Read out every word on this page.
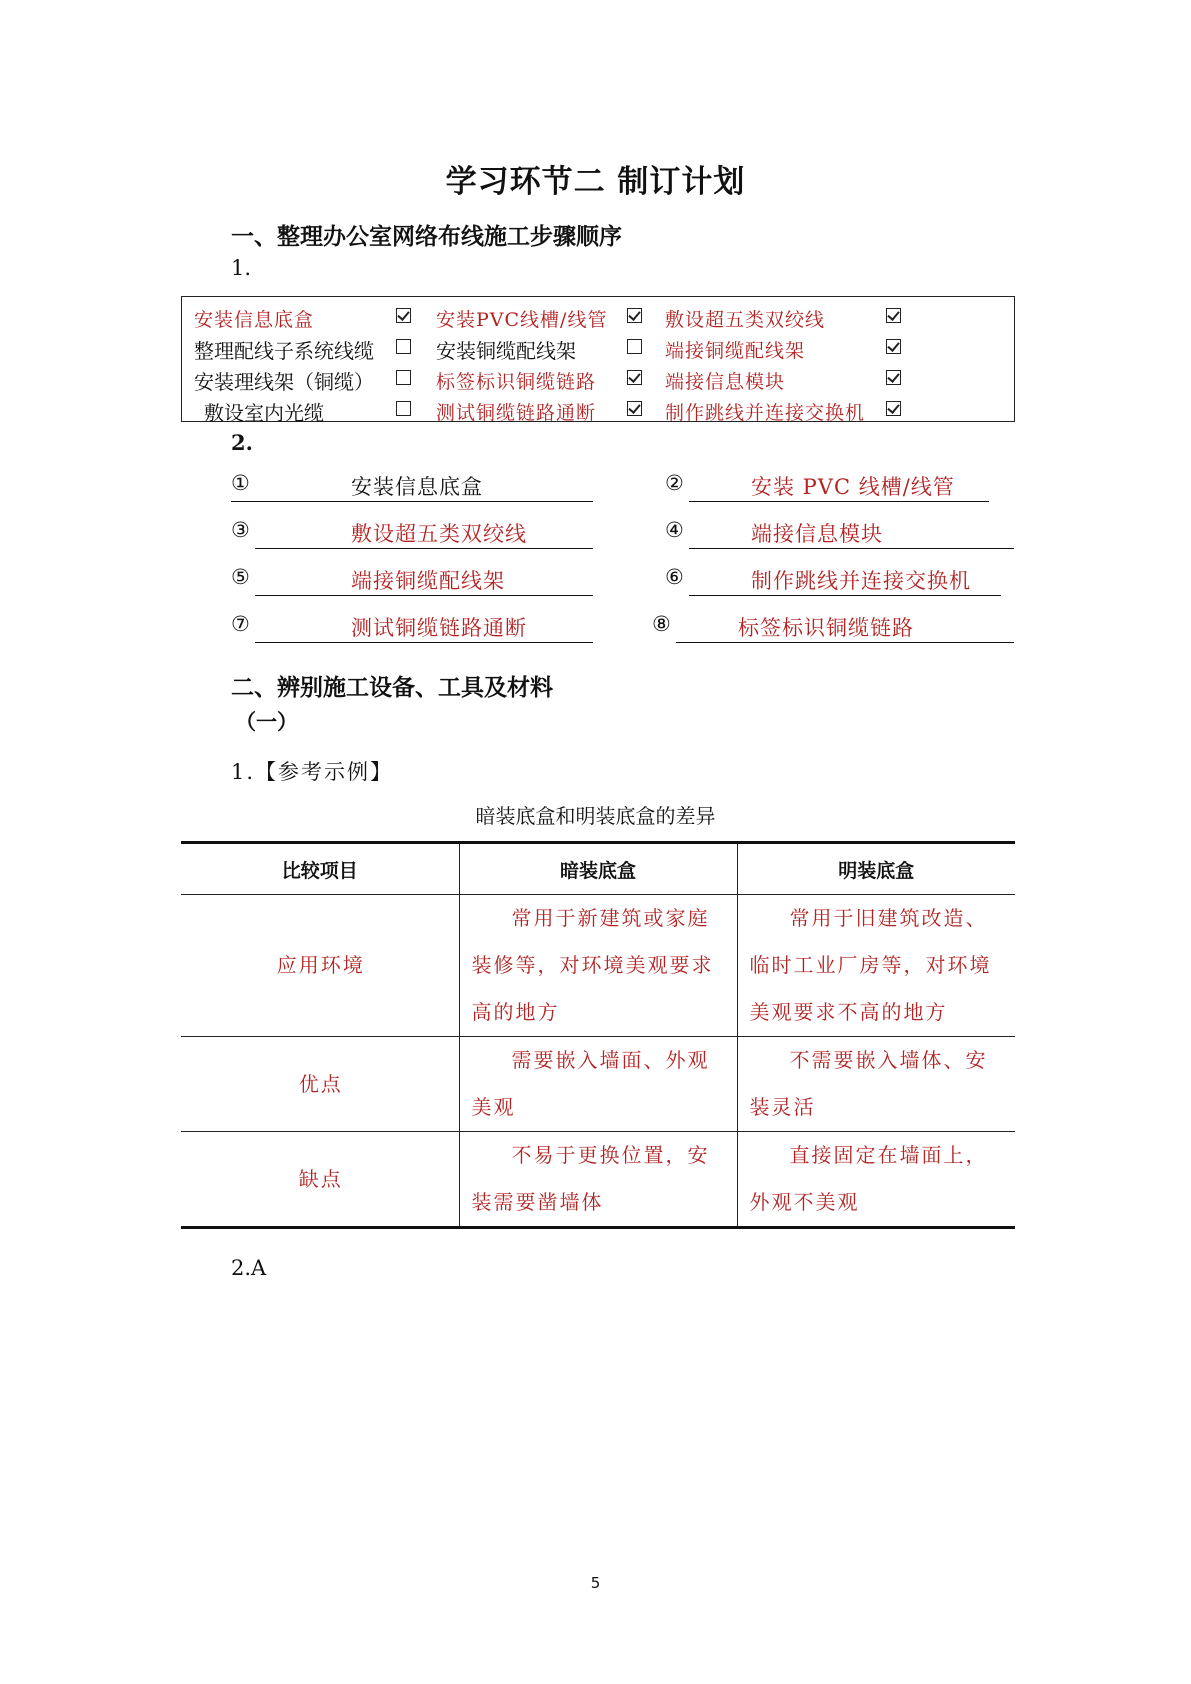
学习环节二 制订计划
一、整理办公室网络布线施工步骤顺序
1.
安装信息底盒	安装PVC线槽/线管	敷设超五类双绞线
整理配线子系统线缆	安装铜缆配线架	端接铜缆配线架
安装理线架（铜缆）	标签标识铜缆链路	端接信息模块
敷设室内光缆	测试铜缆链路通断	制作跳线并连接交换机
2.
①	安装信息底盒	②	安装 PVC 线槽/线管
③	敷设超五类双绞线	④	端接信息模块
⑤	端接铜缆配线架	⑥	制作跳线并连接交换机
⑦	测试铜缆链路通断	⑧	标签标识铜缆链路
二、辨别施工设备、工具及材料
（一）
1.【参考示例】
暗装底盒和明装底盒的差异
比较项目	暗装底盒	明装底盒
应用环境	常用于新建筑或家庭装修等，对环境美观要求高的地方	常用于旧建筑改造、临时工业厂房等，对环境美观要求不高的地方
优点	需要嵌入墙面、外观美观	不需要嵌入墙体、安装灵活
缺点	不易于更换位置，安装需要凿墙体	直接固定在墙面上，外观不美观
2.A
5
